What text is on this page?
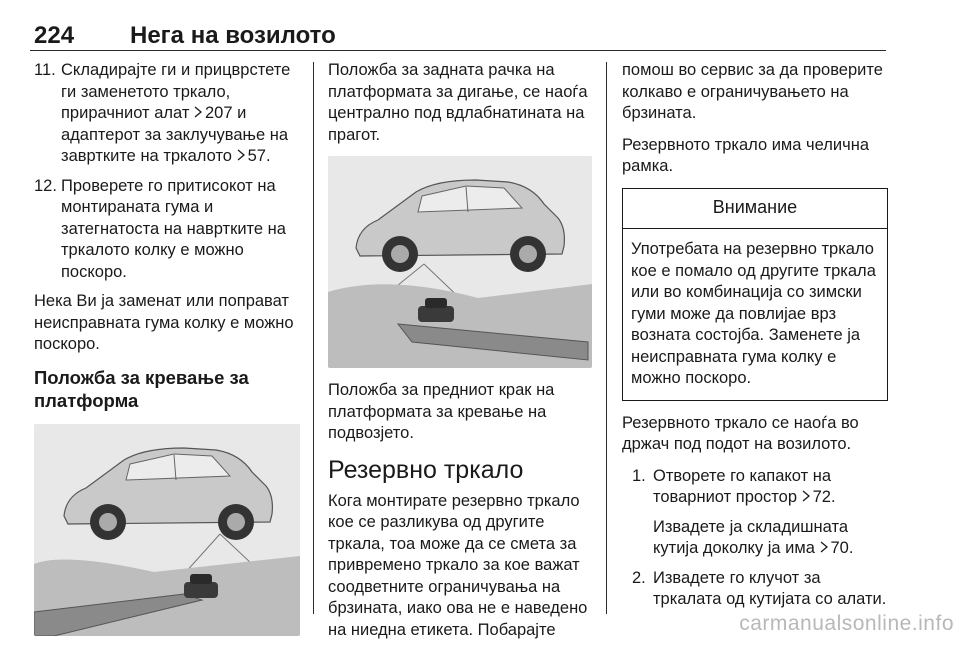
224 Нега на возилото
11. Складирајте ги и прицврстете ги заменетото тркало, прирачниот алат 207 и адаптерот за заклучување на завртките на тркалото 57.
12. Проверете го притисокот на монтираната гума и затегнатоста на навртките на тркалото колку е можно поскоро.

Нека Ви ја заменат или поправат неисправната гума колку е можно поскоро.

Положба за кревање за платформа

Положба за задната рачка на платформата за дигање, се наоѓа централно под вдлабнатината на прагот.

Положба за предниот крак на платформата за кревање на подвозјето.

Резервно тркало

Кога монтирате резервно тркало кое се разликува од другите тркала, тоа може да се смета за привремено тркало за кое важат соодветните ограничувања на брзината, иако ова не е наведено на ниедна етикета. Побарајте

помош во сервис за да проверите колкаво е ограничувањето на брзината.

Резервното тркало има челична рамка.

Внимание
Употребата на резервно тркало кое е помало од другите тркала или во комбинација со зимски гуми може да повлијае врз возната состојба. Заменете ја неисправната гума колку е можно поскоро.

Резервното тркало се наоѓа во држач под подот на возилото.

1. Отворете го капакот на товарниот простор 72.
Извадете ја складишната кутија доколку ја има 70.
2. Извадете го клучот за тркалата од кутијата со алати.
carmanualsonline.info
